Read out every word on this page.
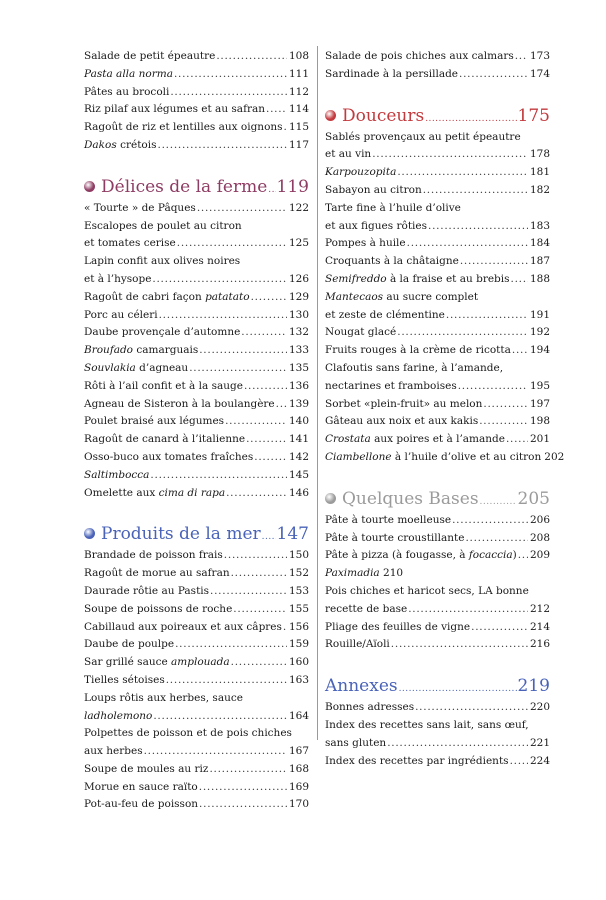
Salade de petit épeautre . . .	108
Pasta alla norma . . .	111
Pâtes au brocoli . . .	112
Riz pilaf aux légumes et au safran . . . 114
Ragoût de riz et lentilles aux oignons . . . 115
Dakos crétois . . .	117
Délices de la ferme . . . 119
« Tourte » de Pâques . . .	122
Escalopes de poulet au citron
et tomates cerise . . .	125
Lapin confit aux olives noires
et à l’hysope . . .	126
Ragoût de cabri façon patatato . . .	129
Porc au céleri . . .	130
Daube provençale d’automne . . .	132
Broufado camarguais . . .	133
Souvlakia d’agneau . . .	135
Rôti à l’ail confit et à la sauge . . .	136
Agneau de Sisteron à la boulangère . . . 139
Poulet braisé aux légumes . . .	140
Ragoût de canard à l’italienne . . .	141
Osso-buco aux tomates fraîches . . .	142
Saltimbocca . . .	145
Omelette aux cima di rapa . . .	146
Produits de la mer . . . 147
Brandade de poisson frais . . .	150
Ragoût de morue au safran . . .	152
Daurade rôtie au Pastis . . .	153
Soupe de poissons de roche . . .	155
Cabillaud aux poireaux et aux câpres . . . 156
Daube de poulpe . . .	159
Sar grillé sauce amplouada . . .	160
Tielles sétoises . . .	163
Loups rôtis aux herbes, sauce
ladholemono . . .	164
Polpettes de poisson et de pois chiches
aux herbes . . .	167
Soupe de moules au riz . . .	168
Morue en sauce raïto . . .	169
Pot-au-feu de poisson . . .	170
Salade de pois chiches aux calmars . . . 173
Sardinade à la persillade . . .	174
Douceurs . . .	175
Sablés provençaux au petit épeautre
et au vin . . .	178
Karpouzopita . . .	181
Sabayon au citron . . .	182
Tarte fine à l’huile d’olive
et aux figues rôties . . .	183
Pompes à huile . . .	184
Croquants à la châtaigne . . .	187
Semifreddo à la fraise et au brebis . . . 188
Mantecaos au sucre complet
et zeste de clémentine . . .	191
Nougat glacé . . .	192
Fruits rouges à la crème de ricotta . . . 194
Clafoutis sans farine, à l’amande,
nectarines et framboises . . .	195
Sorbet «plein-fruit» au melon . . .	197
Gâteau aux noix et aux kakis . . .	198
Crostata aux poires et à l’amande . . . 201
Ciambellone à l’huile d’olive et au citron 202
Quelques Bases . . . 205
Pâte à tourte moelleuse . . .	206
Pâte à tourte croustillante . . .	208
Pâte à pizza (à fougasse, à focaccia) . . . 209
Paximadia 210
Pois chiches et haricot secs, LA bonne
recette de base . . .	212
Pliage des feuilles de vigne . . .	214
Rouille/Aïoli . . .	216
Annexes . . .	219
Bonnes adresses . . .	220
Index des recettes sans lait, sans œuf,
sans gluten . . .	221
Index des recettes par ingrédients . . . 224
